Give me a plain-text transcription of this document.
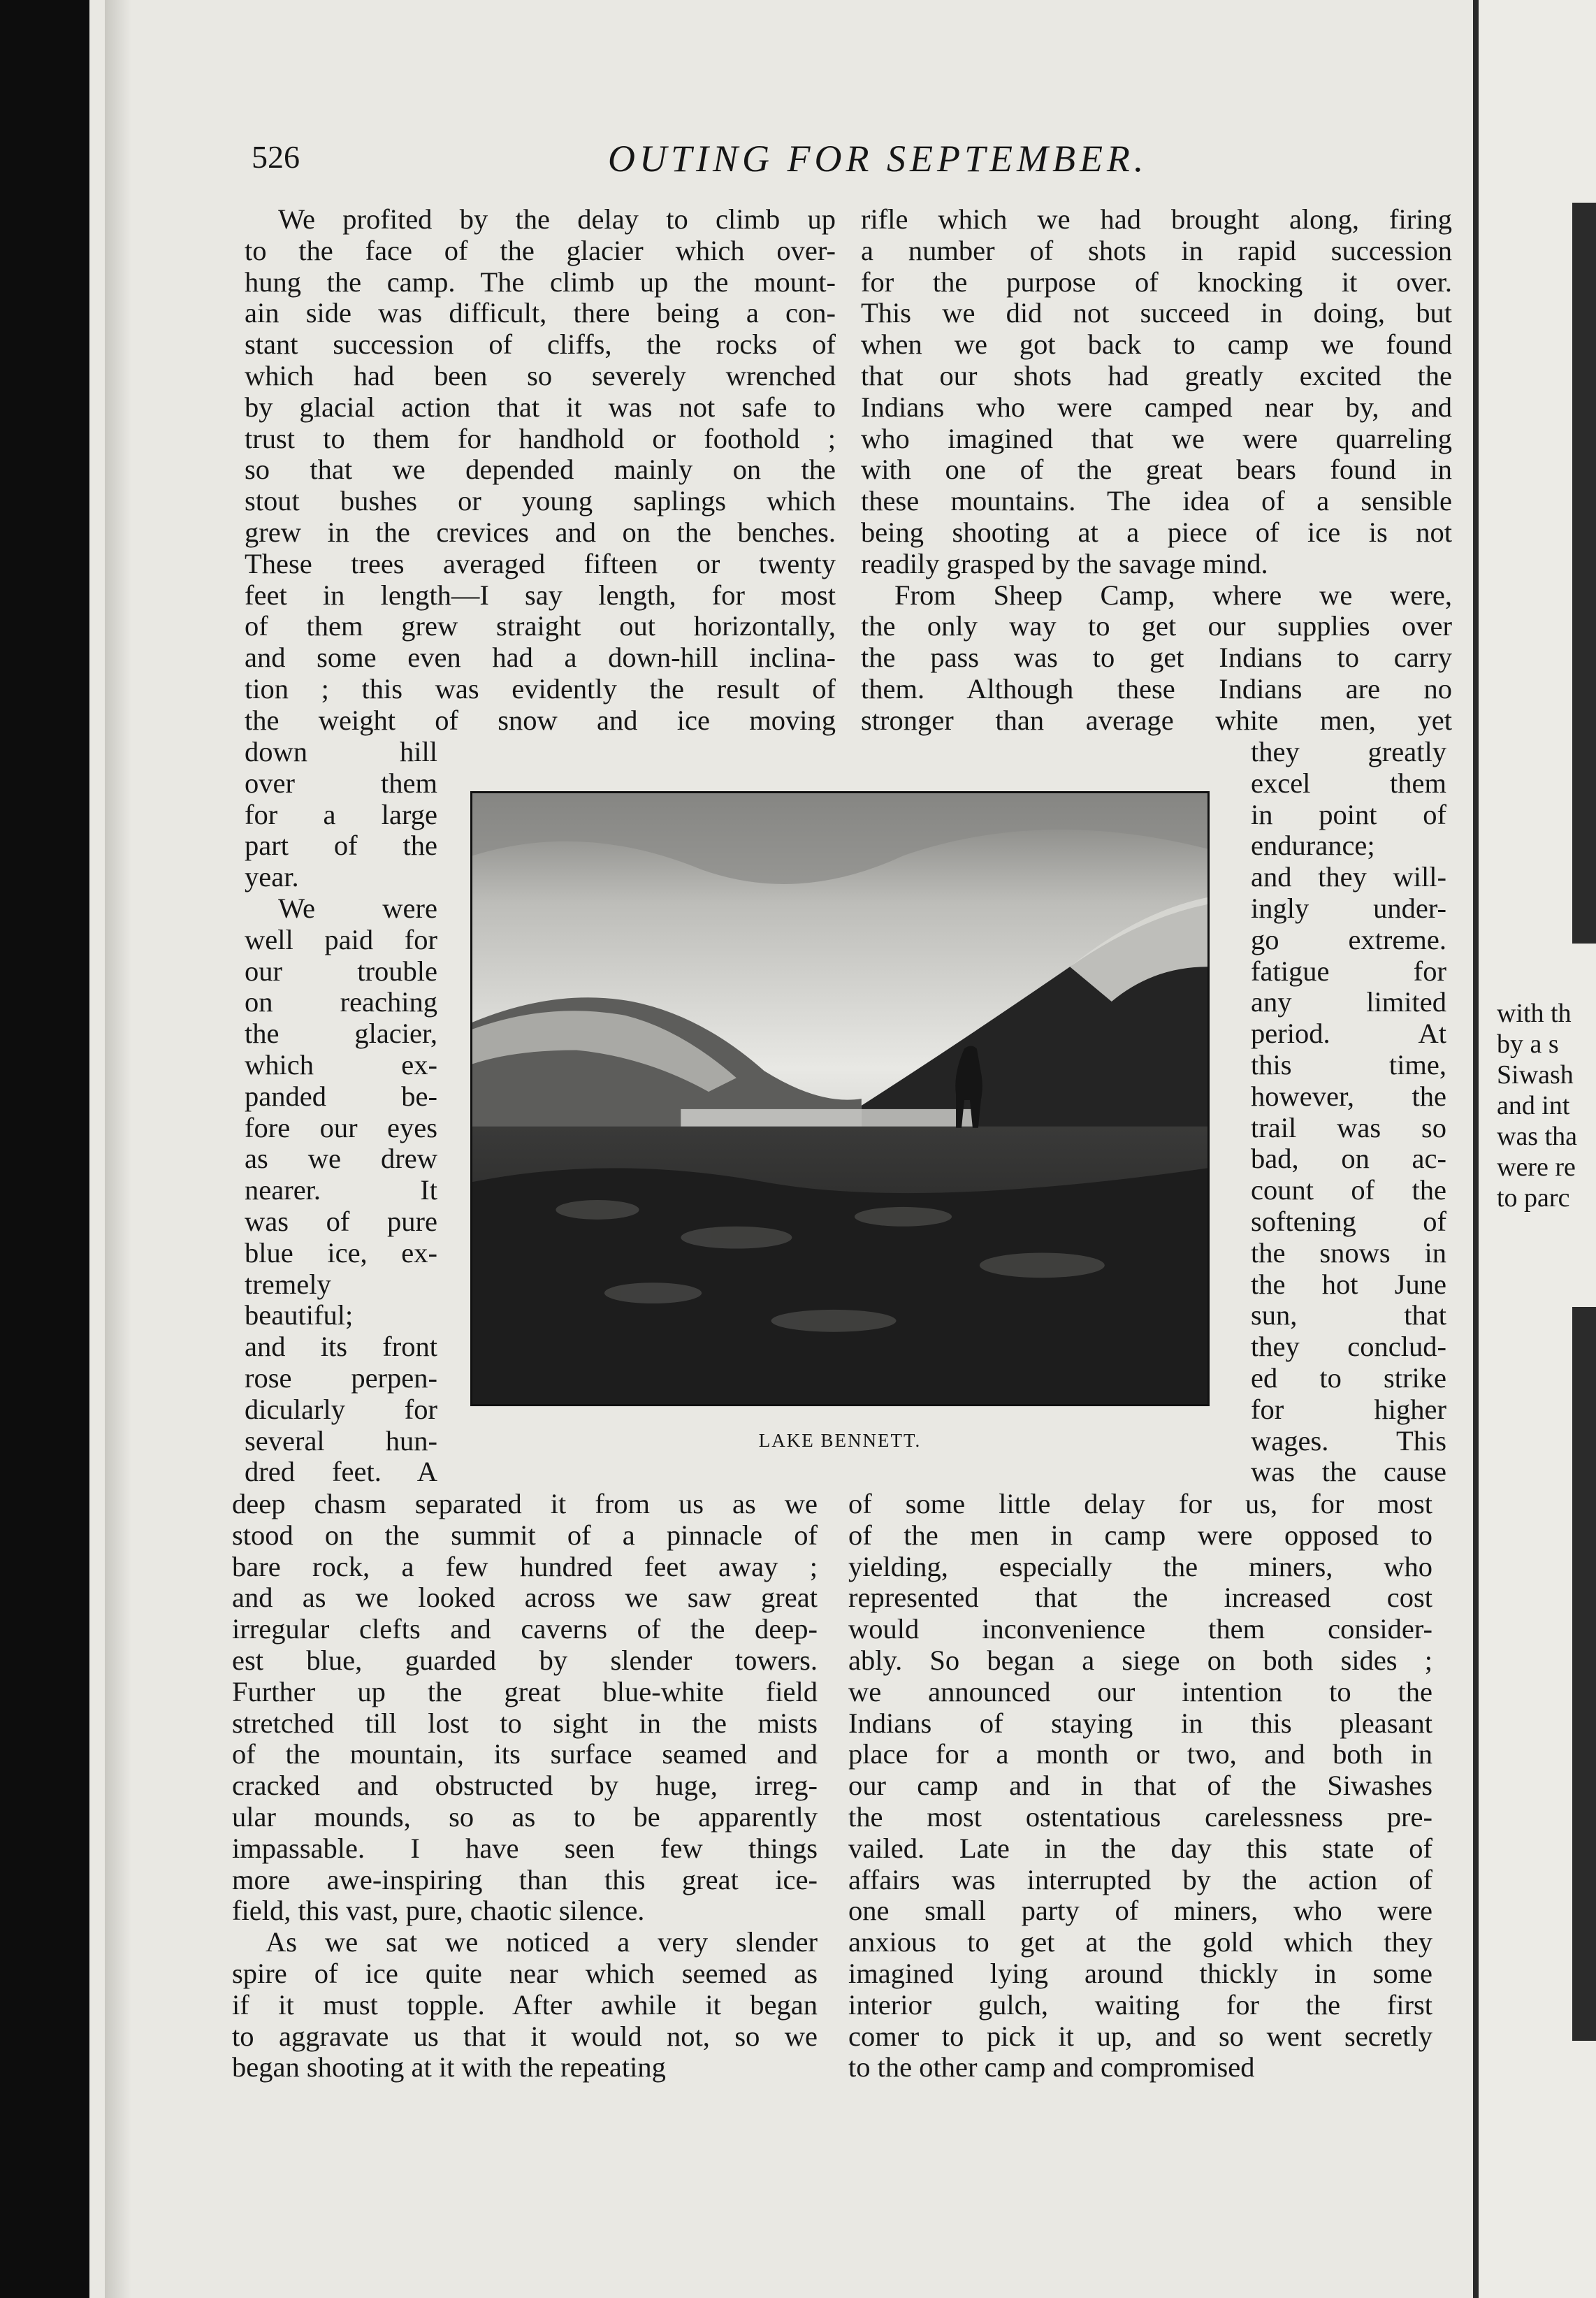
with th
by a s
Siwash
and int
was tha
were re
to parc
526	OUTING FOR SEPTEMBER.

We profited by the delay to climb up

to the face of the glacier which over-

hung the camp. The climb up the mount-

ain side was difficult, there being a con-

stant succession of cliffs, the rocks of

which had been so severely wrenched

by glacial action that it was not safe to

trust to them for handhold or foothold ;

so that we depended mainly on the

stout bushes or young saplings which

grew in the crevices and on the benches.

These trees averaged fifteen or twenty

feet in length—I say length, for most

of them grew straight out horizontally,

and some even had a down-hill inclina-

tion ; this was evidently the result of

the weight of snow and ice moving

down hill

over them

for a large

part of the

year.

We were

well paid for

our trouble

on reaching

the glacier,

which ex-

panded be-

fore our eyes

as we drew

nearer. It

was of pure

blue ice, ex-

tremely

beautiful;

and its front

rose perpen-

dicularly for

several hun-

dred feet. A

deep chasm separated it from us as we

stood on the summit of a pinnacle of

bare rock, a few hundred feet away ;

and as we looked across we saw great

irregular clefts and caverns of the deep-

est blue, guarded by slender towers.

Further up the great blue-white field

stretched till lost to sight in the mists

of the mountain, its surface seamed and

cracked and obstructed by huge, irreg-

ular mounds, so as to be apparently

impassable. I have seen few things

more awe-inspiring than this great ice-

field, this vast, pure, chaotic silence.

As we sat we noticed a very slender

spire of ice quite near which seemed as

if it must topple. After awhile it began

to aggravate us that it would not, so we

began shooting at it with the repeating

rifle which we had brought along, firing

a number of shots in rapid succession

for the purpose of knocking it over.

This we did not succeed in doing, but

when we got back to camp we found

that our shots had greatly excited the

Indians who were camped near by, and

who imagined that we were quarreling

with one of the great bears found in

these mountains. The idea of a sensible

being shooting at a piece of ice is not

readily grasped by the savage mind.

From Sheep Camp, where we were,

the only way to get our supplies over

the pass was to get Indians to carry

them. Although these Indians are no

stronger than average white men, yet

they greatly

excel them

in point of

endurance;

and they will-

ingly under-

go extreme.

fatigue for

any limited

period. At

this time,

however, the

trail was so

bad, on ac-

count of the

softening of

the snows in

the hot June

sun, that

they conclud-

ed to strike

for higher

wages. This

was the cause

of some little delay for us, for most

of the men in camp were opposed to

yielding, especially the miners, who

represented that the increased cost

would inconvenience them consider-

ably. So began a siege on both sides ;

we announced our intention to the

Indians of staying in this pleasant

place for a month or two, and both in

our camp and in that of the Siwashes

the most ostentatious carelessness pre-

vailed. Late in the day this state of

affairs was interrupted by the action of

one small party of miners, who were

anxious to get at the gold which they

imagined lying around thickly in some

interior gulch, waiting for the first

comer to pick it up, and so went secretly

to the other camp and compromised

LAKE BENNETT.
